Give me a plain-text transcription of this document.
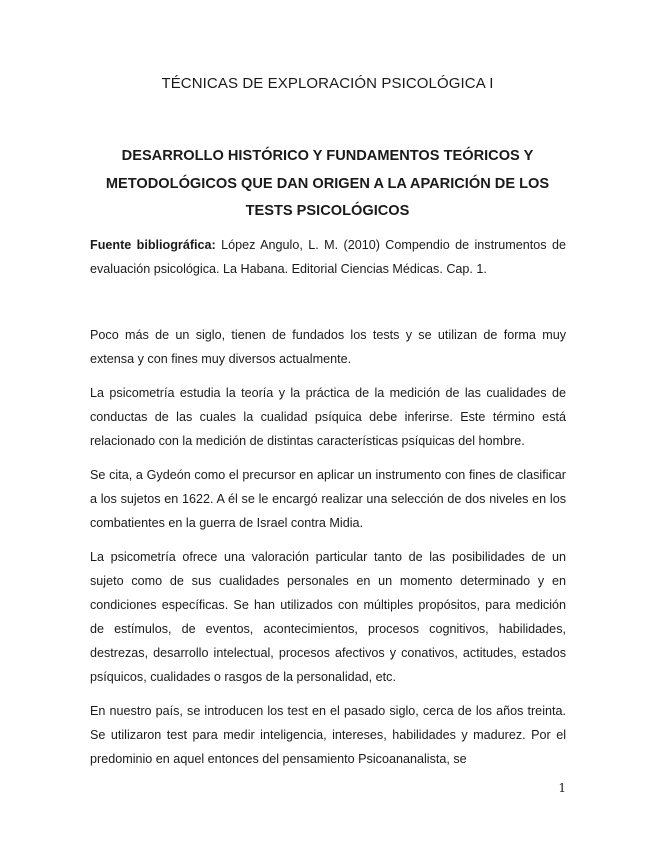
TÉCNICAS DE EXPLORACIÓN PSICOLÓGICA I
DESARROLLO HISTÓRICO Y FUNDAMENTOS TEÓRICOS Y METODOLÓGICOS QUE DAN ORIGEN A LA APARICIÓN DE LOS TESTS PSICOLÓGICOS
Fuente bibliográfica: López Angulo, L. M. (2010) Compendio de instrumentos de evaluación psicológica. La Habana. Editorial Ciencias Médicas. Cap. 1.

Poco más de un siglo, tienen de fundados los tests y se utilizan de forma muy extensa y con fines muy diversos actualmente.

La psicometría estudia la teoría y la práctica de la medición de las cualidades de conductas de las cuales la cualidad psíquica debe inferirse. Este término está relacionado con la medición de distintas características psíquicas del hombre.

Se cita, a Gydeón como el precursor en aplicar un instrumento con fines de clasificar a los sujetos en 1622. A él se le encargó realizar una selección de dos niveles en los combatientes en la guerra de Israel contra Midia.

La psicometría ofrece una valoración particular tanto de las posibilidades de un sujeto como de sus cualidades personales en un momento determinado y en condiciones específicas. Se han utilizados con múltiples propósitos, para medición de estímulos, de eventos, acontecimientos, procesos cognitivos, habilidades, destrezas, desarrollo intelectual, procesos afectivos y conativos, actitudes, estados psíquicos, cualidades o rasgos de la personalidad, etc.

En nuestro país, se introducen los test en el pasado siglo, cerca de los años treinta. Se utilizaron test para medir inteligencia, intereses, habilidades y madurez. Por el predominio en aquel entonces del pensamiento Psicoananalista, se

1
